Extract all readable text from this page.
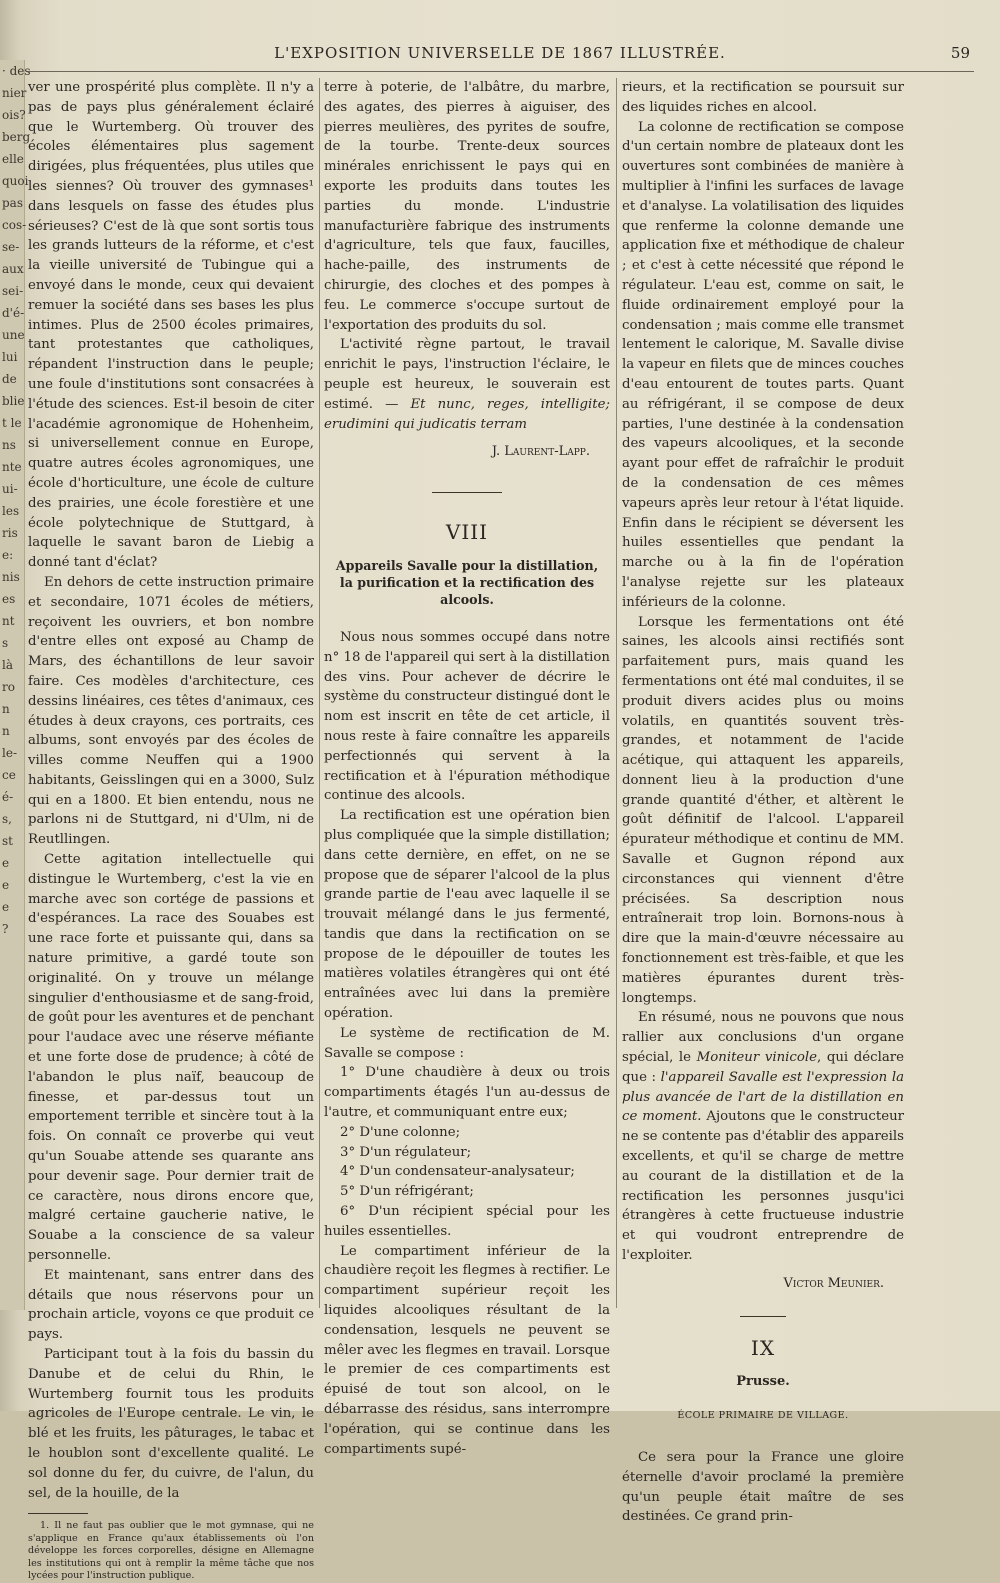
· des
nier
ois?
berg
elle
quoi
pas
cos-
se-
aux
sei-
d'é-
une
lui
de
blie
t le
ns
nte
ui-
les
ris
e:
nis
es
nt
s
là
ro
n
n
le-
ce
é-
s,
st
e
e
e
?
L'EXPOSITION UNIVERSELLE DE 1867 ILLUSTRÉE.	59

ver une prospérité plus complète. Il n'y a pas de pays plus généralement éclairé que le Wurtemberg. Où trouver des écoles élémentaires plus sagement dirigées, plus fréquentées, plus utiles que les siennes? Où trouver des gymnases¹ dans lesquels on fasse des études plus sérieuses? C'est de là que sont sortis tous les grands lutteurs de la réforme, et c'est la vieille université de Tubingue qui a envoyé dans le monde, ceux qui devaient remuer la société dans ses bases les plus intimes. Plus de 2500 écoles primaires, tant protestantes que catholiques, répandent l'instruction dans le peuple; une foule d'institutions sont consacrées à l'étude des sciences. Est-il besoin de citer l'académie agronomique de Hohenheim, si universellement connue en Europe, quatre autres écoles agronomiques, une école d'horticulture, une école de culture des prairies, une école forestière et une école polytechnique de Stuttgard, à laquelle le savant baron de Liebig a donné tant d'éclat?

En dehors de cette instruction primaire et secondaire, 1071 écoles de métiers, reçoivent les ouvriers, et bon nombre d'entre elles ont exposé au Champ de Mars, des échantillons de leur savoir faire. Ces modèles d'architecture, ces dessins linéaires, ces têtes d'animaux, ces études à deux crayons, ces portraits, ces albums, sont envoyés par des écoles de villes comme Neuffen qui a 1900 habitants, Geisslingen qui en a 3000, Sulz qui en a 1800. Et bien entendu, nous ne parlons ni de Stuttgard, ni d'Ulm, ni de Reutllingen.

Cette agitation intellectuelle qui distingue le Wurtemberg, c'est la vie en marche avec son cortége de passions et d'espérances. La race des Souabes est une race forte et puissante qui, dans sa nature primitive, a gardé toute son originalité. On y trouve un mélange singulier d'enthousiasme et de sang-froid, de goût pour les aventures et de penchant pour l'audace avec une réserve méfiante et une forte dose de prudence; à côté de l'abandon le plus naïf, beaucoup de finesse, et par-dessus tout un emportement terrible et sincère tout à la fois. On connaît ce proverbe qui veut qu'un Souabe attende ses quarante ans pour devenir sage. Pour dernier trait de ce caractère, nous dirons encore que, malgré certaine gaucherie native, le Souabe a la conscience de sa valeur personnelle.

Et maintenant, sans entrer dans des détails que nous réservons pour un prochain article, voyons ce que produit ce pays.

Participant tout à la fois du bassin du Danube et de celui du Rhin, le Wurtemberg fournit tous les produits agricoles de l'Europe centrale. Le vin, le blé et les fruits, les pâturages, le tabac et le houblon sont d'excellente qualité. Le sol donne du fer, du cuivre, de l'alun, du sel, de la houille, de la

1. Il ne faut pas oublier que le mot gymnase, qui ne s'applique en France qu'aux établissements où l'on développe les forces corporelles, désigne en Allemagne les institutions qui ont à remplir la même tâche que nos lycées pour l'instruction publique.

terre à poterie, de l'albâtre, du marbre, des agates, des pierres à aiguiser, des pierres meulières, des pyrites de soufre, de la tourbe. Trente-deux sources minérales enrichissent le pays qui en exporte les produits dans toutes les parties du monde. L'industrie manufacturière fabrique des instruments d'agriculture, tels que faux, faucilles, hache-paille, des instruments de chirurgie, des cloches et des pompes à feu. Le commerce s'occupe surtout de l'exportation des produits du sol.

L'activité règne partout, le travail enrichit le pays, l'instruction l'éclaire, le peuple est heureux, le souverain est estimé. — Et nunc, reges, intelligite; erudimini qui judicatis terram

J. Laurent-Lapp.
VIII
Appareils Savalle pour la distillation, la purification et la rectification des alcools.

Nous nous sommes occupé dans notre n° 18 de l'appareil qui sert à la distillation des vins. Pour achever de décrire le système du constructeur distingué dont le nom est inscrit en tête de cet article, il nous reste à faire connaître les appareils perfectionnés qui servent à la rectification et à l'épuration méthodique continue des alcools.

La rectification est une opération bien plus compliquée que la simple distillation; dans cette dernière, en effet, on ne se propose que de séparer l'alcool de la plus grande partie de l'eau avec laquelle il se trouvait mélangé dans le jus fermenté, tandis que dans la rectification on se propose de le dépouiller de toutes les matières volatiles étrangères qui ont été entraînées avec lui dans la première opération.

Le système de rectification de M. Savalle se compose :

1° D'une chaudière à deux ou trois compartiments étagés l'un au-dessus de l'autre, et communiquant entre eux;

2° D'une colonne;

3° D'un régulateur;

4° D'un condensateur-analysateur;

5° D'un réfrigérant;

6° D'un récipient spécial pour les huiles essentielles.

Le compartiment inférieur de la chaudière reçoit les flegmes à rectifier. Le compartiment supérieur reçoit les liquides alcooliques résultant de la condensation, lesquels ne peuvent se mêler avec les flegmes en travail. Lorsque le premier de ces compartiments est épuisé de tout son alcool, on le débarrasse des résidus, sans interrompre l'opération, qui se continue dans les compartiments supé-

rieurs, et la rectification se poursuit sur des liquides riches en alcool.

La colonne de rectification se compose d'un certain nombre de plateaux dont les ouvertures sont combinées de manière à multiplier à l'infini les surfaces de lavage et d'analyse. La volatilisation des liquides que renferme la colonne demande une application fixe et méthodique de chaleur ; et c'est à cette nécessité que répond le régulateur. L'eau est, comme on sait, le fluide ordinairement employé pour la condensation ; mais comme elle transmet lentement le calorique, M. Savalle divise la vapeur en filets que de minces couches d'eau entourent de toutes parts. Quant au réfrigérant, il se compose de deux parties, l'une destinée à la condensation des vapeurs alcooliques, et la seconde ayant pour effet de rafraîchir le produit de la condensation de ces mêmes vapeurs après leur retour à l'état liquide. Enfin dans le récipient se déversent les huiles essentielles que pendant la marche ou à la fin de l'opération l'analyse rejette sur les plateaux inférieurs de la colonne.

Lorsque les fermentations ont été saines, les alcools ainsi rectifiés sont parfaitement purs, mais quand les fermentations ont été mal conduites, il se produit divers acides plus ou moins volatils, en quantités souvent très-grandes, et notamment de l'acide acétique, qui attaquent les appareils, donnent lieu à la production d'une grande quantité d'éther, et altèrent le goût définitif de l'alcool. L'appareil épurateur méthodique et continu de MM. Savalle et Gugnon répond aux circonstances qui viennent d'être précisées. Sa description nous entraînerait trop loin. Bornons-nous à dire que la main-d'œuvre nécessaire au fonctionnement est très-faible, et que les matières épurantes durent très-longtemps.

En résumé, nous ne pouvons que nous rallier aux conclusions d'un organe spécial, le Moniteur vinicole, qui déclare que : l'appareil Savalle est l'expression la plus avancée de l'art de la distillation en ce moment. Ajoutons que le constructeur ne se contente pas d'établir des appareils excellents, et qu'il se charge de mettre au courant de la distillation et de la rectification les personnes jusqu'ici étrangères à cette fructueuse industrie et qui voudront entreprendre de l'exploiter.

Victor Meunier.
IX
Prusse.
ÉCOLE PRIMAIRE DE VILLAGE.

Ce sera pour la France une gloire éternelle d'avoir proclamé la première qu'un peuple était maître de ses destinées. Ce grand prin-
